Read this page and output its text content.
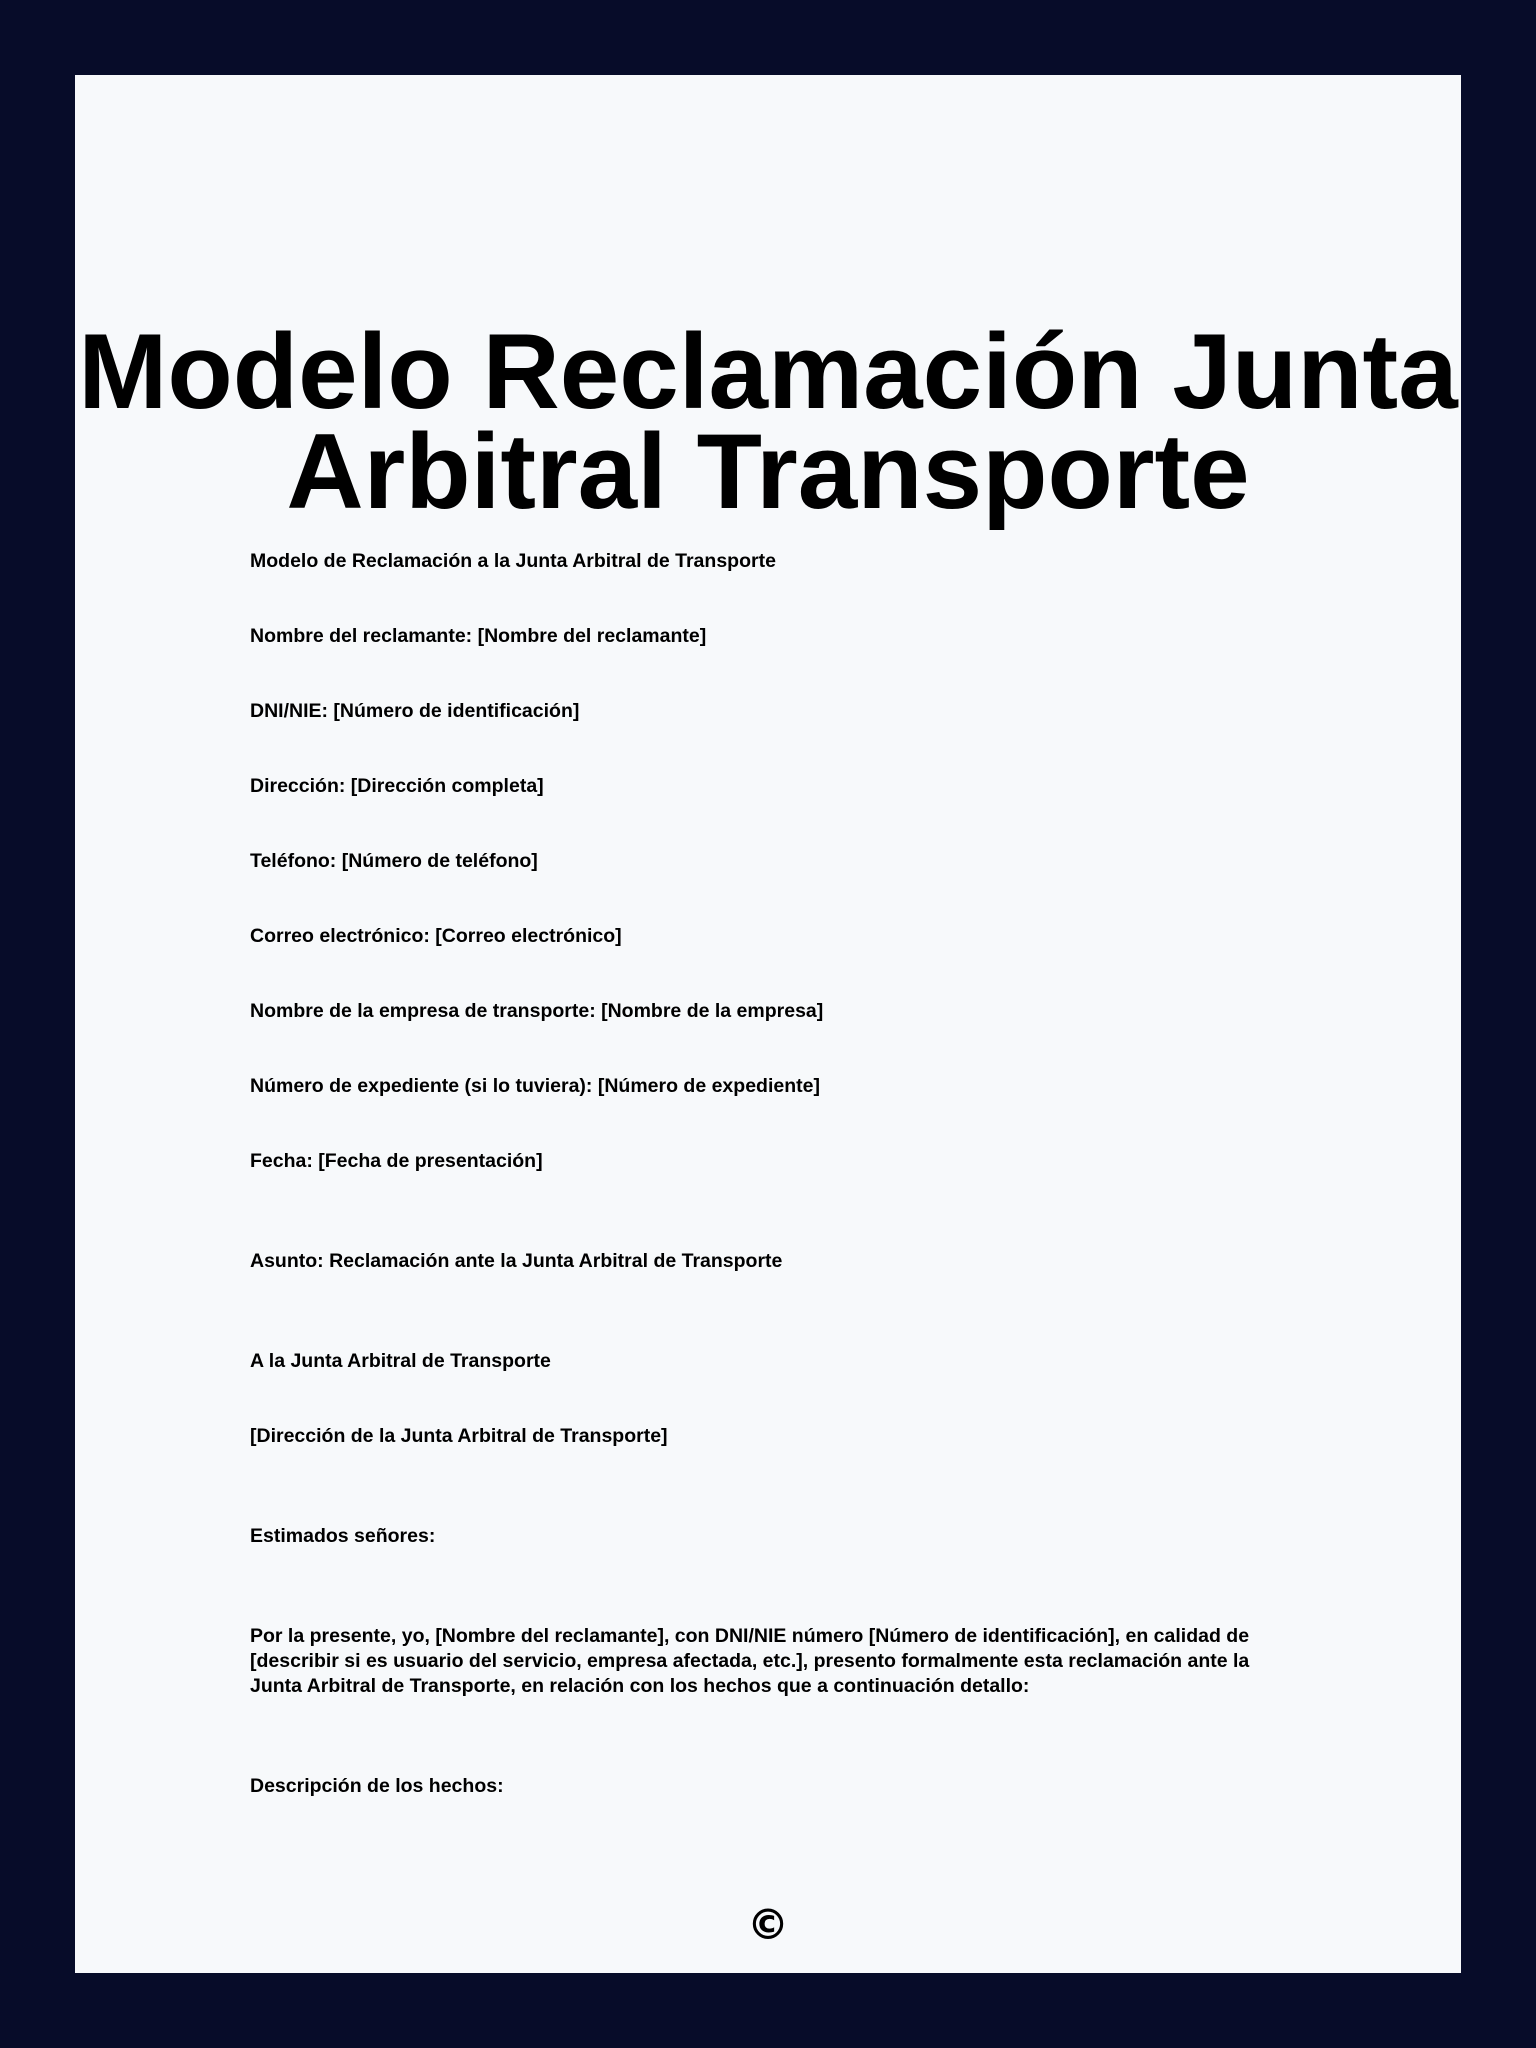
Modelo Reclamación Junta Arbitral Transporte

Modelo de Reclamación a la Junta Arbitral de Transporte

Nombre del reclamante: [Nombre del reclamante]

DNI/NIE: [Número de identificación]

Dirección: [Dirección completa]

Teléfono: [Número de teléfono]

Correo electrónico: [Correo electrónico]

Nombre de la empresa de transporte: [Nombre de la empresa]

Número de expediente (si lo tuviera): [Número de expediente]

Fecha: [Fecha de presentación]

Asunto: Reclamación ante la Junta Arbitral de Transporte

A la Junta Arbitral de Transporte

[Dirección de la Junta Arbitral de Transporte]

Estimados señores:

Por la presente, yo, [Nombre del reclamante], con DNI/NIE número [Número de identificación], en calidad de [describir si es usuario del servicio, empresa afectada, etc.], presento formalmente esta reclamación ante la Junta Arbitral de Transporte, en relación con los hechos que a continuación detallo:

Descripción de los hechos:

©
